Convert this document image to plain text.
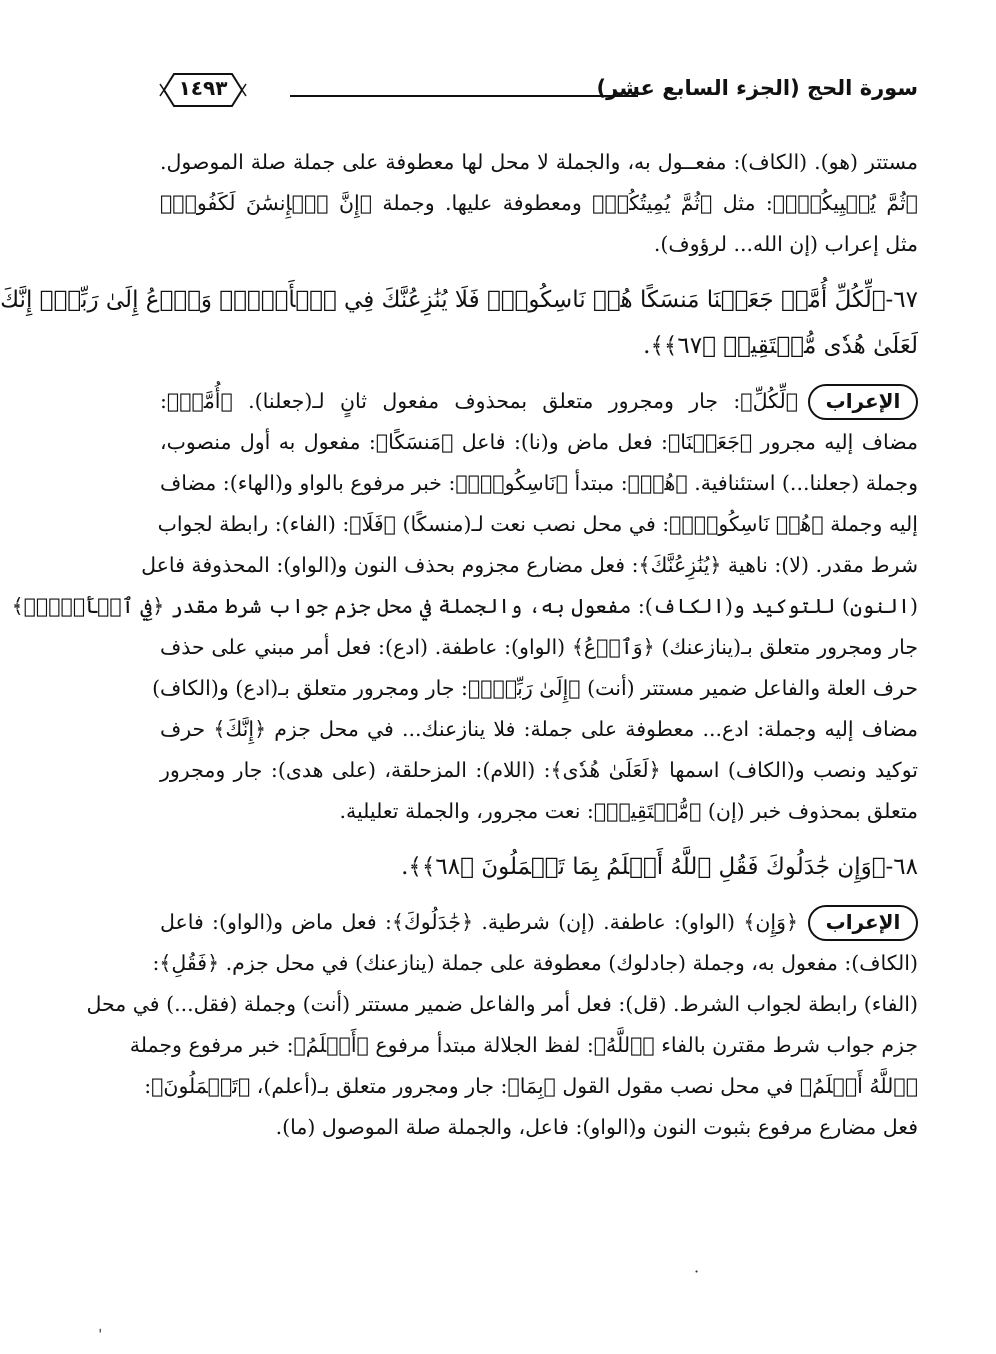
سورة الحج (الجزء السابع عشر)
١٤٩٣
مستتر (هو). (الكاف): مفعــول به، والجملة لا محل لها معطوفة على جملة صلة الموصول.
﴿ثُمَّ يُحۡيِيكُمۡۗ﴾: مثل ﴿ثُمَّ يُمِيتُكُمۡ﴾ ومعطوفة عليها. وجملة ﴿إِنَّ ٱلۡإِنسَٰنَ لَكَفُورٞ﴾
مثل إعراب (إن الله... لرؤوف).
٦٧-﴿لِّكُلِّ أُمَّةٖ جَعَلۡنَا مَنسَكًا هُمۡ نَاسِكُوهُۖ فَلَا يُنَٰزِعُنَّكَ فِي ٱلۡأَمۡرِۚ وَٱدۡعُ إِلَىٰ رَبِّكَۖ إِنَّكَ
لَعَلَىٰ هُدٗى مُّسۡتَقِيمٖ ﴿٦٧﴾﴾.
الإعراب
﴿لِّكُلِّ﴾: جار ومجرور متعلق بمحذوف مفعول ثانٍ لـ(جعلنا). ﴿أُمَّةٖ﴾:
مضاف إليه مجرور ﴿جَعَلۡنَا﴾: فعل ماض و(نا): فاعل ﴿مَنسَكًا﴾: مفعول به أول منصوب،
وجملة (جعلنا...) استئنافية. ﴿هُمۡ﴾: مبتدأ ﴿نَاسِكُوهُۖ﴾: خبر مرفوع بالواو و(الهاء): مضاف
إليه وجملة ﴿هُمۡ نَاسِكُوهُۖ﴾: في محل نصب نعت لـ(منسكًا) ﴿فَلَا﴾: (الفاء): رابطة لجواب
شرط مقدر. (لا): ناهية ﴿يُنَٰزِعُنَّكَ﴾: فعل مضارع مجزوم بحذف النون و(الواو): المحذوفة فاعل
(النون) للتوكيد و(الكاف): مفعول به، والجملة في محل جزم جواب شرط مقدر ﴿فِي ٱلۡأَمۡرِۚ﴾
جار ومجرور متعلق بـ(ينازعنك) ﴿وَٱدۡعُ﴾ (الواو): عاطفة. (ادع): فعل أمر مبني على حذف
حرف العلة والفاعل ضمير مستتر (أنت) ﴿إِلَىٰ رَبِّكَۖ﴾: جار ومجرور متعلق بـ(ادع) و(الكاف)
مضاف إليه وجملة: ادع... معطوفة على جملة: فلا ينازعنك... في محل جزم ﴿إِنَّكَ﴾ حرف
توكيد ونصب و(الكاف) اسمها ﴿لَعَلَىٰ هُدٗى﴾: (اللام): المزحلقة، (على هدى): جار ومجرور
متعلق بمحذوف خبر (إن) ﴿مُّسۡتَقِيمٖ﴾: نعت مجرور، والجملة تعليلية.
٦٨-﴿وَإِن جَٰدَلُوكَ فَقُلِ ٱللَّهُ أَعۡلَمُ بِمَا تَعۡمَلُونَ ﴿٦٨﴾﴾.
الإعراب
﴿وَإِن﴾ (الواو): عاطفة. (إن) شرطية. ﴿جَٰدَلُوكَ﴾: فعل ماض و(الواو): فاعل
(الكاف): مفعول به، وجملة (جادلوك) معطوفة على جملة (ينازعنك) في محل جزم. ﴿فَقُلِ﴾:
(الفاء) رابطة لجواب الشرط. (قل): فعل أمر والفاعل ضمير مستتر (أنت) وجملة (فقل...) في محل
جزم جواب شرط مقترن بالفاء ﴿ٱللَّهُ﴾: لفظ الجلالة مبتدأ مرفوع ﴿أَعۡلَمُ﴾: خبر مرفوع وجملة
﴿ٱللَّهُ أَعۡلَمُ﴾ في محل نصب مقول القول ﴿بِمَا﴾: جار ومجرور متعلق بـ(أعلم)، ﴿تَعۡمَلُونَ﴾:
فعل مضارع مرفوع بثبوت النون و(الواو): فاعل، والجملة صلة الموصول (ما).
·
ˈ
